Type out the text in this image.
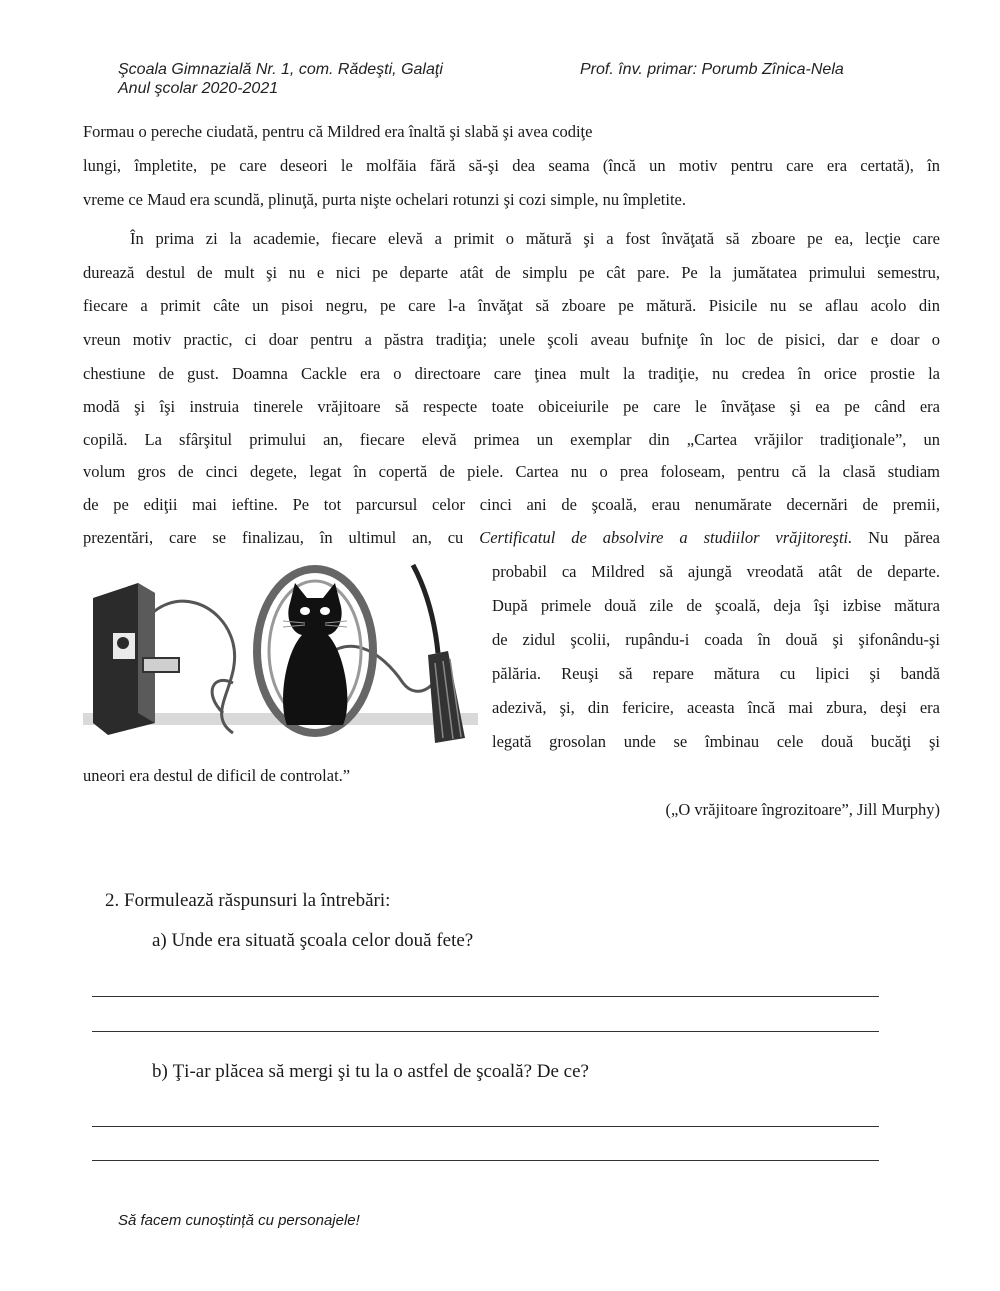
Şcoala Gimnazială Nr. 1, com. Rădeşti, Galaţi	Prof. înv. primar: Porumb Zînica-Nela
Anul şcolar 2020-2021
Formau o pereche ciudată, pentru că Mildred era înaltă şi slabă şi avea codiţe
lungi, împletite, pe care deseori le molfăia fără să-şi dea seama (încă un motiv pentru care era certată), în
vreme ce Maud era scundă, plinuţă, purta nişte ochelari rotunzi şi cozi simple, nu împletite.
În prima zi la academie, fiecare elevă a primit o mătură şi a fost învăţată să zboare pe ea, lecţie care
durează destul de mult şi nu e nici pe departe atât de simplu pe cât pare. Pe la jumătatea primului semestru,
fiecare a primit câte un pisoi negru, pe care l-a învăţat să zboare pe mătură. Pisicile nu se aflau acolo din
vreun motiv practic, ci doar pentru a păstra tradiţia; unele şcoli aveau bufniţe în loc de pisici, dar e doar o
chestiune de gust. Doamna Cackle era o directoare care ţinea mult la tradiţie, nu credea în orice prostie la
modă şi îşi instruia tinerele vrăjitoare să respecte toate obiceiurile pe care le învăţase şi ea pe când era
copilă. La sfârşitul primului an, fiecare elevă primea un exemplar din „Cartea vrăjilor tradiţionale”, un
volum gros de cinci degete, legat în copertă de piele. Cartea nu o prea foloseam, pentru că la clasă studiam
de pe ediţii mai ieftine. Pe tot parcursul celor cinci ani de şcoală, erau nenumărate decernări de premii,
prezentări, care se finalizau, în ultimul an, cu Certificatul de absolvire a studiilor vrăjitoreşti. Nu părea
probabil ca Mildred să ajungă vreodată atât de departe.
După primele două zile de şcoală, deja îşi izbise mătura
de zidul şcolii, rupându-i coada în două şi şifonându-şi
pălăria. Reuşi să repare mătura cu lipici şi bandă
adezivă, şi, din fericire, aceasta încă mai zbura, deşi era
legată grosolan unde se îmbinau cele două bucăţi şi
uneori era destul de dificil de controlat.”
(„O vrăjitoare îngrozitoare”, Jill Murphy)
2. Formulează răspunsuri la întrebări:
a) Unde era situată şcoala celor două fete?
b) Ţi-ar plăcea să mergi şi tu la o astfel de şcoală? De ce?
Să facem cunoștință cu personajele!
